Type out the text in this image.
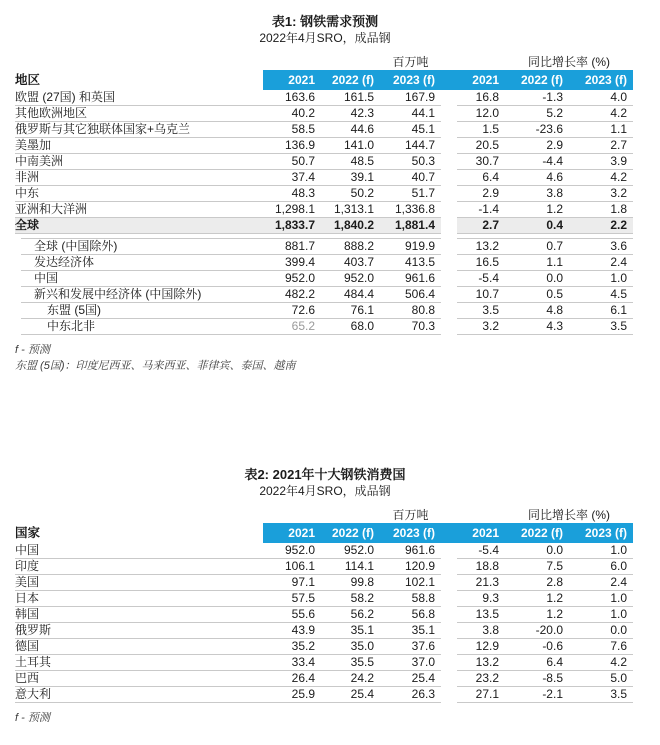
表1: 钢铁需求预测
2022年4月SRO，成品钢
百万吨	同比增长率 (%)
地区	2021	2022 (f)	2023 (f)	2021	2022 (f)	2023 (f)
欧盟 (27国) 和英国	163.6	161.5	167.9	16.8	-1.3	4.0
其他欧洲地区	40.2	42.3	44.1	12.0	5.2	4.2
俄罗斯与其它独联体国家+乌克兰	58.5	44.6	45.1	1.5	-23.6	1.1
美墨加	136.9	141.0	144.7	20.5	2.9	2.7
中南美洲	50.7	48.5	50.3	30.7	-4.4	3.9
非洲	37.4	39.1	40.7	6.4	4.6	4.2
中东	48.3	50.2	51.7	2.9	3.8	3.2
亚洲和大洋洲	1,298.1	1,313.1	1,336.8	-1.4	1.2	1.8
全球	1,833.7	1,840.2	1,881.4	2.7	0.4	2.2
全球 (中国除外)	881.7	888.2	919.9	13.2	0.7	3.6
发达经济体	399.4	403.7	413.5	16.5	1.1	2.4
中国	952.0	952.0	961.6	-5.4	0.0	1.0
新兴和发展中经济体 (中国除外)	482.2	484.4	506.4	10.7	0.5	4.5
东盟 (5国)	72.6	76.1	80.8	3.5	4.8	6.1
中东北非	65.2	68.0	70.3	3.2	4.3	3.5
f - 预测
东盟 (5国)：印度尼西亚、马来西亚、菲律宾、泰国、越南
表2: 2021年十大钢铁消费国
2022年4月SRO，成品钢
百万吨	同比增长率 (%)
国家	2021	2022 (f)	2023 (f)	2021	2022 (f)	2023 (f)
中国	952.0	952.0	961.6	-5.4	0.0	1.0
印度	106.1	114.1	120.9	18.8	7.5	6.0
美国	97.1	99.8	102.1	21.3	2.8	2.4
日本	57.5	58.2	58.8	9.3	1.2	1.0
韩国	55.6	56.2	56.8	13.5	1.2	1.0
俄罗斯	43.9	35.1	35.1	3.8	-20.0	0.0
德国	35.2	35.0	37.6	12.9	-0.6	7.6
土耳其	33.4	35.5	37.0	13.2	6.4	4.2
巴西	26.4	24.2	25.4	23.2	-8.5	5.0
意大利	25.9	25.4	26.3	27.1	-2.1	3.5
f - 预测
